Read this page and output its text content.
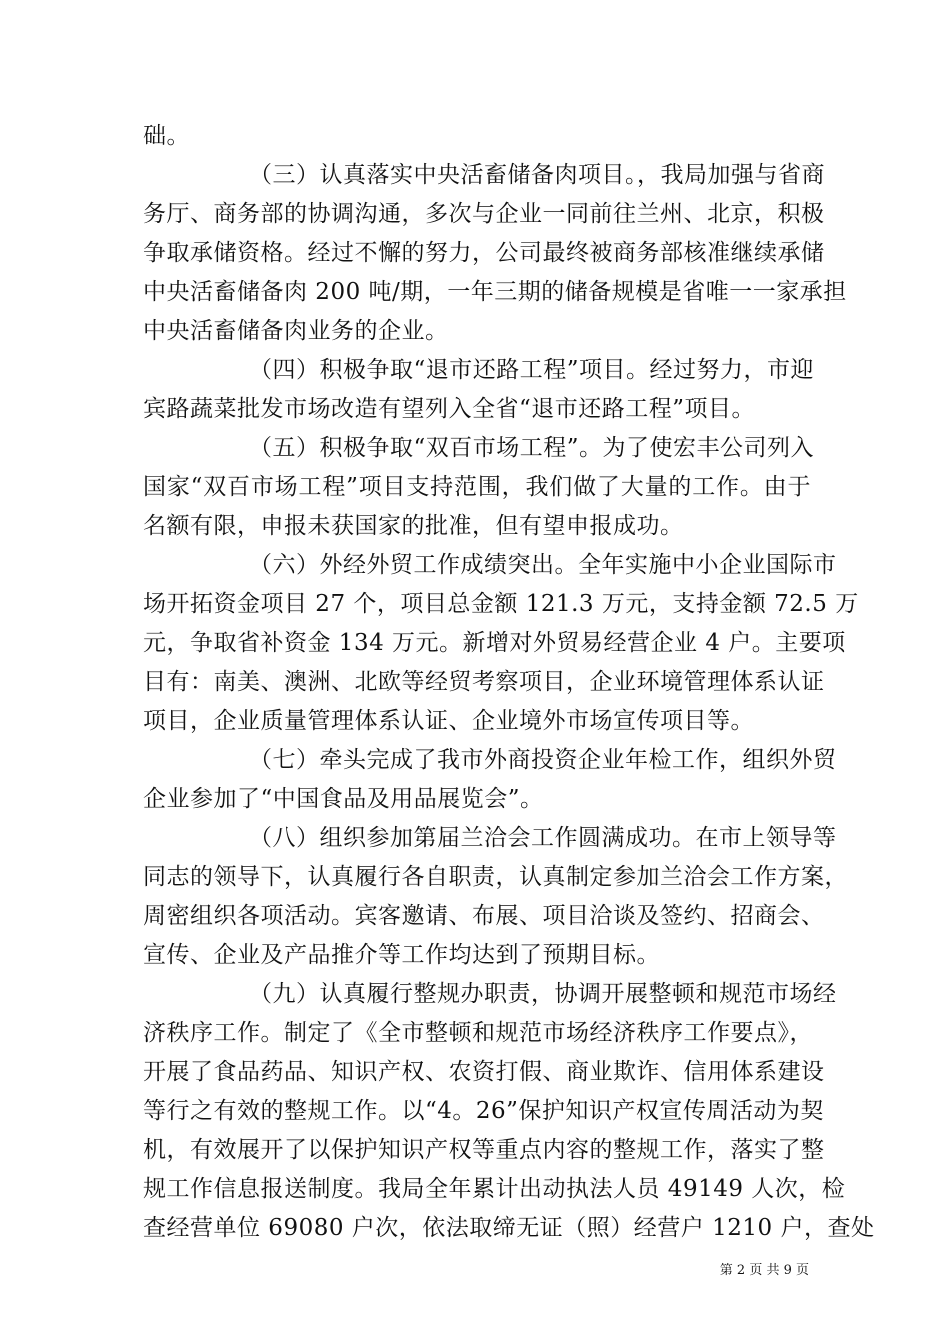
础。
（三）认真落实中央活畜储备肉项目。，我局加强与省商
务厅、商务部的协调沟通，多次与企业一同前往兰州、北京，积极
争取承储资格。经过不懈的努力，公司最终被商务部核准继续承储
中央活畜储备肉 200 吨/期，一年三期的储备规模是省唯一一家承担
中央活畜储备肉业务的企业。
（四）积极争取“退市还路工程”项目。经过努力，市迎
宾路蔬菜批发市场改造有望列入全省“退市还路工程”项目。
（五）积极争取“双百市场工程”。为了使宏丰公司列入
国家“双百市场工程”项目支持范围，我们做了大量的工作。由于
名额有限，申报未获国家的批准，但有望申报成功。
（六）外经外贸工作成绩突出。全年实施中小企业国际市
场开拓资金项目 27 个，项目总金额 121.3 万元，支持金额 72.5 万
元，争取省补资金 134 万元。新增对外贸易经营企业 4 户。主要项
目有：南美、澳洲、北欧等经贸考察项目，企业环境管理体系认证
项目，企业质量管理体系认证、企业境外市场宣传项目等。
（七）牵头完成了我市外商投资企业年检工作，组织外贸
企业参加了“中国食品及用品展览会”。
（八）组织参加第届兰洽会工作圆满成功。在市上领导等
同志的领导下，认真履行各自职责，认真制定参加兰洽会工作方案，
周密组织各项活动。宾客邀请、布展、项目洽谈及签约、招商会、
宣传、企业及产品推介等工作均达到了预期目标。
（九）认真履行整规办职责，协调开展整顿和规范市场经
济秩序工作。制定了《全市整顿和规范市场经济秩序工作要点》，
开展了食品药品、知识产权、农资打假、商业欺诈、信用体系建设
等行之有效的整规工作。以“4。26”保护知识产权宣传周活动为契
机，有效展开了以保护知识产权等重点内容的整规工作，落实了整
规工作信息报送制度。我局全年累计出动执法人员 49149 人次，检
查经营单位 69080 户次，依法取缔无证（照）经营户 1210 户，查处
第 2 页 共 9 页
